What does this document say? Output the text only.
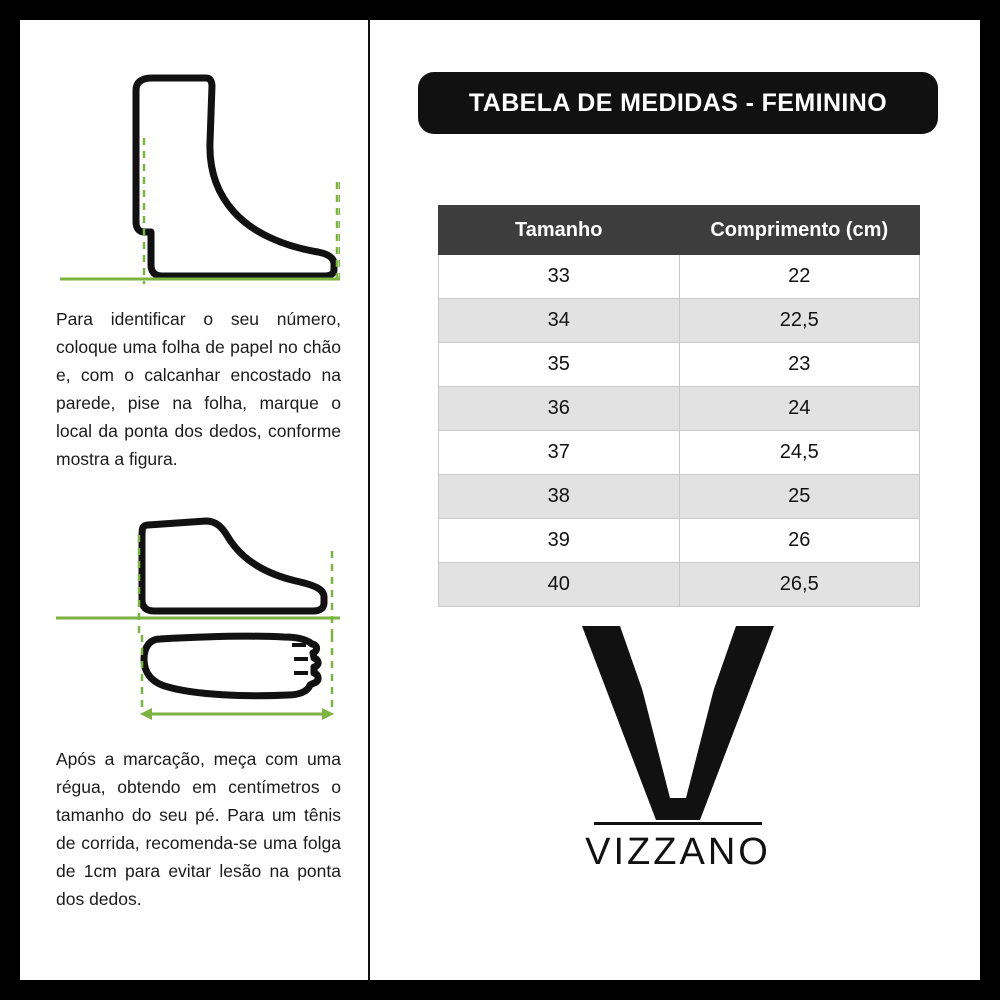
Para identificar o seu número, coloque uma folha de papel no chão e, com o calcanhar encostado na parede, pise na folha, marque o local da ponta dos dedos, conforme mostra a figura.
Após a marcação, meça com uma régua, obtendo em centímetros o tamanho do seu pé. Para um tênis de corrida, recomenda-se uma folga de 1cm para evitar lesão na ponta dos dedos.
TABELA DE MEDIDAS - FEMININO
Tamanho	Comprimento (cm)
33	22
34	22,5
35	23
36	24
37	24,5
38	25
39	26
40	26,5
VIZZANO
